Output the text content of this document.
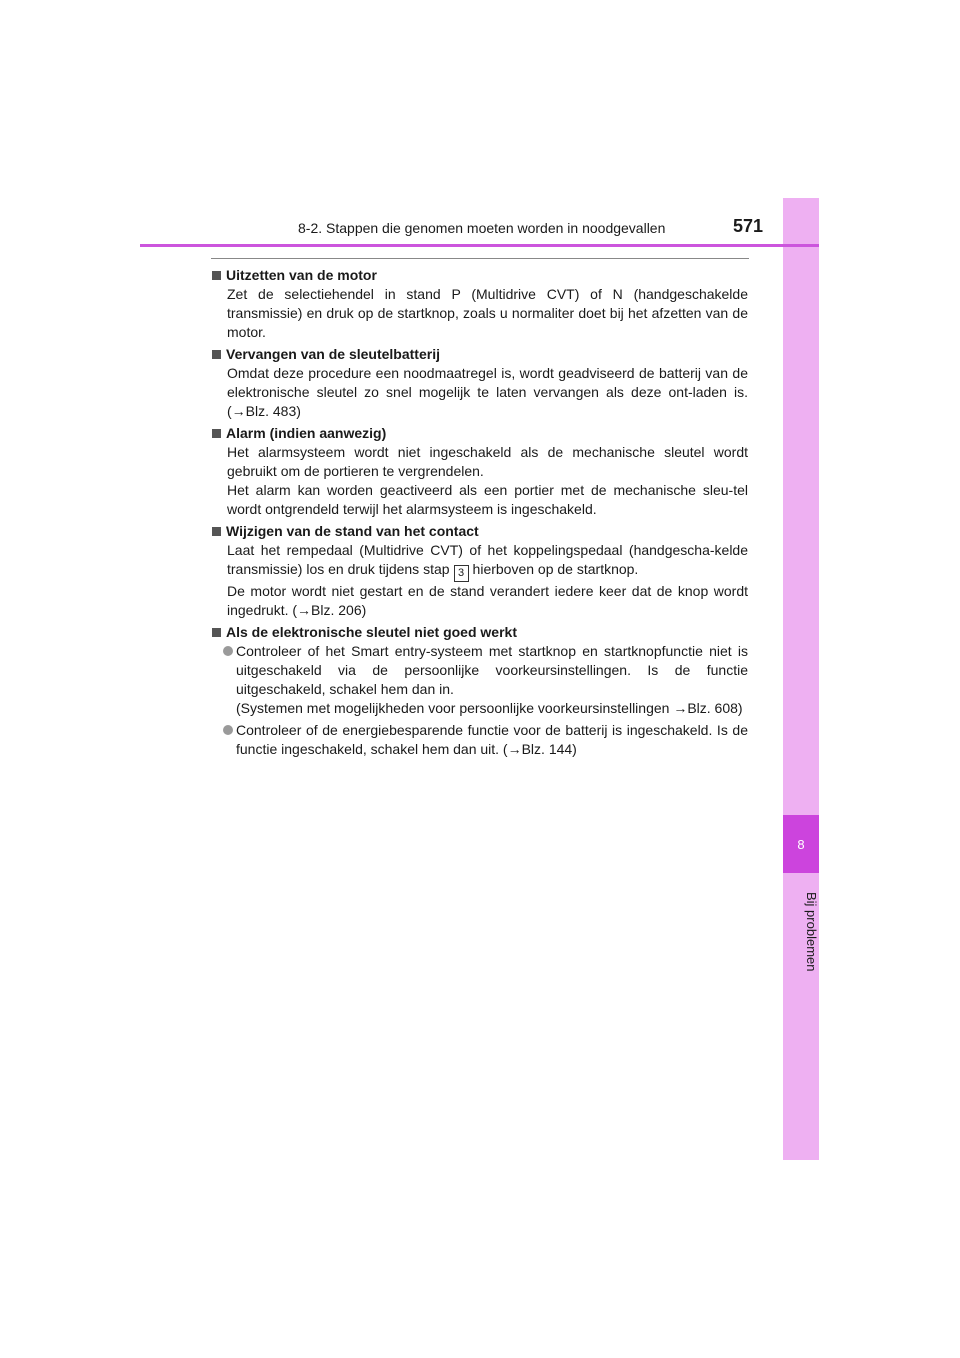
8
Bij problemen
8-2. Stappen die genomen moeten worden in noodgevallen	571
Uitzetten van de motor
Zet de selectiehendel in stand P (Multidrive CVT) of N (handgeschakelde transmissie) en druk op de startknop, zoals u normaliter doet bij het afzetten van de motor.
Vervangen van de sleutelbatterij
Omdat deze procedure een noodmaatregel is, wordt geadviseerd de batterij van de elektronische sleutel zo snel mogelijk te laten vervangen als deze ont-laden is. (→Blz. 483)
Alarm (indien aanwezig)
Het alarmsysteem wordt niet ingeschakeld als de mechanische sleutel wordt gebruikt om de portieren te vergrendelen.
Het alarm kan worden geactiveerd als een portier met de mechanische sleu-tel wordt ontgrendeld terwijl het alarmsysteem is ingeschakeld.
Wijzigen van de stand van het contact
Laat het rempedaal (Multidrive CVT) of het koppelingspedaal (handgescha-kelde transmissie) los en druk tijdens stap 3 hierboven op de startknop.
De motor wordt niet gestart en de stand verandert iedere keer dat de knop wordt ingedrukt. (→Blz. 206)
Als de elektronische sleutel niet goed werkt
Controleer of het Smart entry-systeem met startknop en startknopfunctie niet is uitgeschakeld via de persoonlijke voorkeursinstellingen. Is de functie uitgeschakeld, schakel hem dan in.
(Systemen met mogelijkheden voor persoonlijke voorkeursinstellingen →Blz. 608)
Controleer of de energiebesparende functie voor de batterij is ingeschakeld. Is de functie ingeschakeld, schakel hem dan uit. (→Blz. 144)
